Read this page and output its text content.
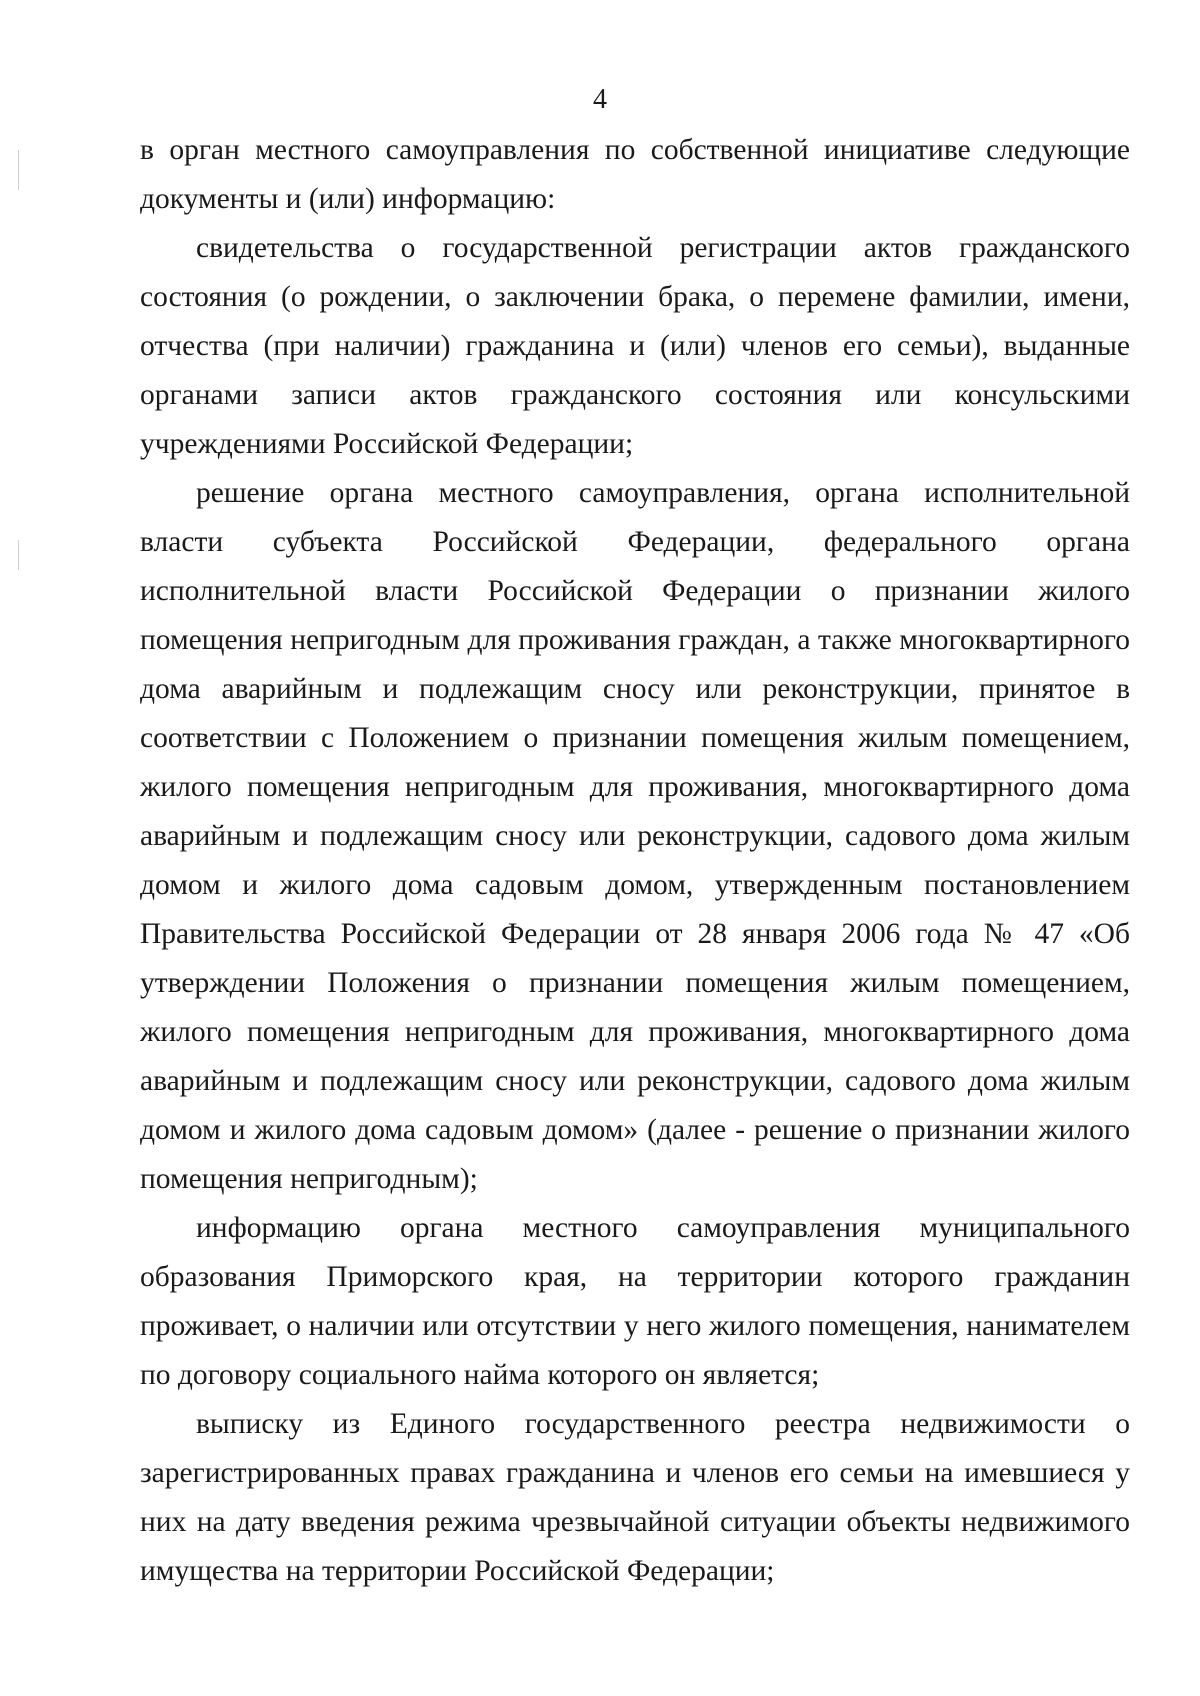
4

в орган местного самоуправления по собственной инициативе следующие документы и (или) информацию:

свидетельства о государственной регистрации актов гражданского состояния (о рождении, о заключении брака, о перемене фамилии, имени, отчества (при наличии) гражданина и (или) членов его семьи), выданные органами записи актов гражданского состояния или консульскими учреждениями Российской Федерации;

решение органа местного самоуправления, органа исполнительной власти субъекта Российской Федерации, федерального органа исполнительной власти Российской Федерации о признании жилого помещения непригодным для проживания граждан, а также многоквартирного дома аварийным и подлежащим сносу или реконструкции, принятое в соответствии с Положением о признании помещения жилым помещением, жилого помещения непригодным для проживания, многоквартирного дома аварийным и подлежащим сносу или реконструкции, садового дома жилым домом и жилого дома садовым домом, утвержденным постановлением Правительства Российской Федерации от 28 января 2006 года № 47 «Об утверждении Положения о признании помещения жилым помещением, жилого помещения непригодным для проживания, многоквартирного дома аварийным и подлежащим сносу или реконструкции, садового дома жилым домом и жилого дома садовым домом» (далее - решение о признании жилого помещения непригодным);

информацию органа местного самоуправления муниципального образования Приморского края, на территории которого гражданин проживает, о наличии или отсутствии у него жилого помещения, нанимателем по договору социального найма которого он является;

выписку из Единого государственного реестра недвижимости о зарегистрированных правах гражданина и членов его семьи на имевшиеся у них на дату введения режима чрезвычайной ситуации объекты недвижимого имущества на территории Российской Федерации;
